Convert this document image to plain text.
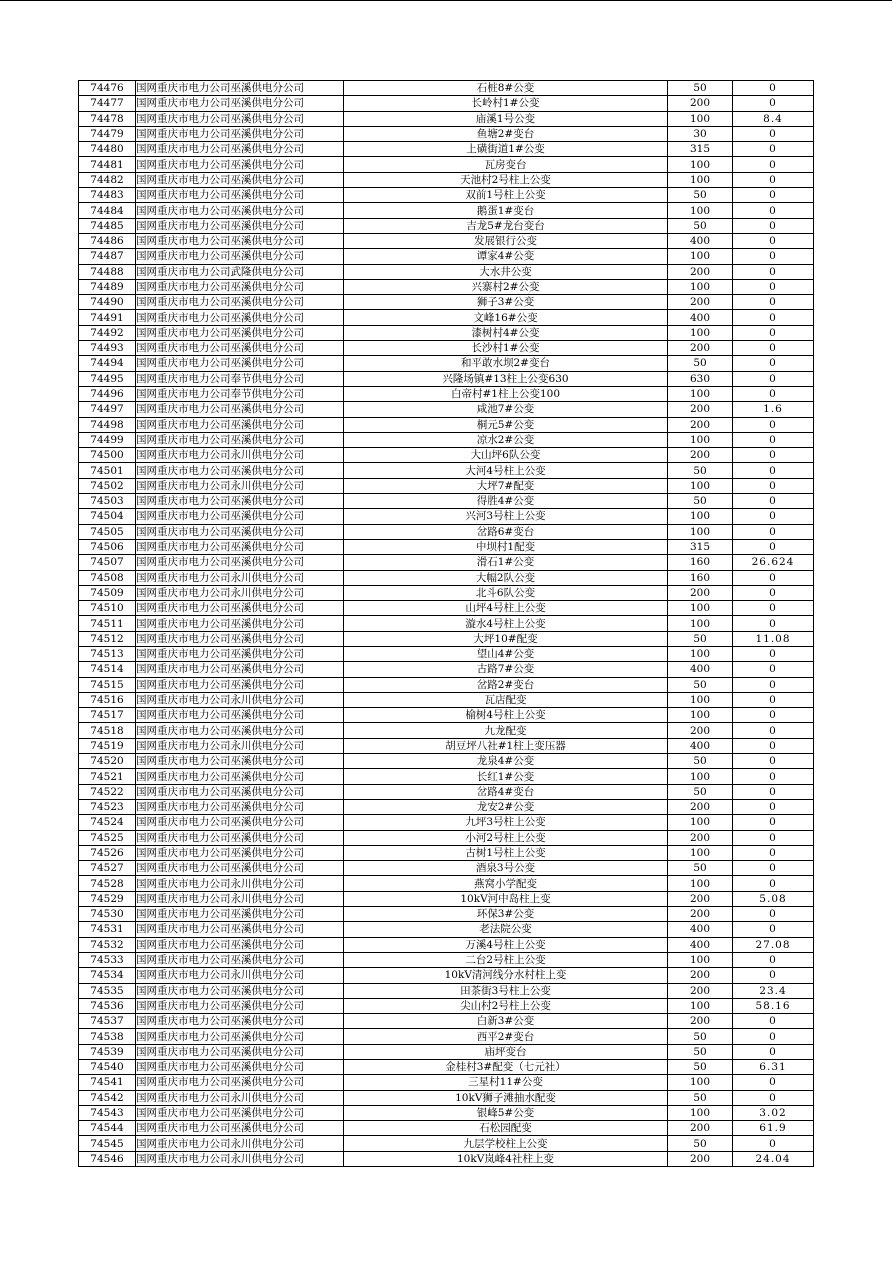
74476	国网重庆市电力公司巫溪供电分公司	石桩8#公变	50	0
74477	国网重庆市电力公司巫溪供电分公司	长岭村1#公变	200	0
74478	国网重庆市电力公司巫溪供电分公司	庙溪1号公变	100	8.4
74479	国网重庆市电力公司巫溪供电分公司	鱼塘2#变台	30	0
74480	国网重庆市电力公司巫溪供电分公司	上磺街道1#公变	315	0
74481	国网重庆市电力公司巫溪供电分公司	瓦房变台	100	0
74482	国网重庆市电力公司巫溪供电分公司	天池村2号柱上公变	100	0
74483	国网重庆市电力公司巫溪供电分公司	双前1号柱上公变	50	0
74484	国网重庆市电力公司巫溪供电分公司	鹅蛋1#变台	100	0
74485	国网重庆市电力公司巫溪供电分公司	吉龙5#龙台变台	50	0
74486	国网重庆市电力公司巫溪供电分公司	发展银行公变	400	0
74487	国网重庆市电力公司巫溪供电分公司	谭家4#公变	100	0
74488	国网重庆市电力公司武隆供电分公司	大水井公变	200	0
74489	国网重庆市电力公司巫溪供电分公司	兴寨村2#公变	100	0
74490	国网重庆市电力公司巫溪供电分公司	狮子3#公变	200	0
74491	国网重庆市电力公司巫溪供电分公司	文峰16#公变	400	0
74492	国网重庆市电力公司巫溪供电分公司	漆树村4#公变	100	0
74493	国网重庆市电力公司巫溪供电分公司	长沙村1#公变	200	0
74494	国网重庆市电力公司巫溪供电分公司	和平敢水坝2#变台	50	0
74495	国网重庆市电力公司奉节供电分公司	兴隆场镇#13柱上公变630	630	0
74496	国网重庆市电力公司奉节供电分公司	白帝村#1柱上公变100	100	0
74497	国网重庆市电力公司巫溪供电分公司	咸池7#公变	200	1.6
74498	国网重庆市电力公司巫溪供电分公司	桐元5#公变	200	0
74499	国网重庆市电力公司巫溪供电分公司	凉水2#公变	100	0
74500	国网重庆市电力公司永川供电分公司	大山坪6队公变	200	0
74501	国网重庆市电力公司巫溪供电分公司	大河4号柱上公变	50	0
74502	国网重庆市电力公司永川供电分公司	大坪7#配变	100	0
74503	国网重庆市电力公司巫溪供电分公司	得胜4#公变	50	0
74504	国网重庆市电力公司巫溪供电分公司	兴河3号柱上公变	100	0
74505	国网重庆市电力公司巫溪供电分公司	岔路6#变台	100	0
74506	国网重庆市电力公司巫溪供电分公司	中坝村1配变	315	0
74507	国网重庆市电力公司巫溪供电分公司	滑石1#公变	160	26.624
74508	国网重庆市电力公司永川供电分公司	大幅2队公变	160	0
74509	国网重庆市电力公司永川供电分公司	北斗6队公变	200	0
74510	国网重庆市电力公司巫溪供电分公司	山坪4号柱上公变	100	0
74511	国网重庆市电力公司巫溪供电分公司	漩水4号柱上公变	100	0
74512	国网重庆市电力公司巫溪供电分公司	大坪10#配变	50	11.08
74513	国网重庆市电力公司巫溪供电分公司	望山4#公变	100	0
74514	国网重庆市电力公司巫溪供电分公司	古路7#公变	400	0
74515	国网重庆市电力公司巫溪供电分公司	岔路2#变台	50	0
74516	国网重庆市电力公司永川供电分公司	瓦店配变	100	0
74517	国网重庆市电力公司巫溪供电分公司	榆树4号柱上公变	100	0
74518	国网重庆市电力公司巫溪供电分公司	九龙配变	200	0
74519	国网重庆市电力公司永川供电分公司	胡豆坪八社#1柱上变压器	400	0
74520	国网重庆市电力公司巫溪供电分公司	龙泉4#公变	50	0
74521	国网重庆市电力公司巫溪供电分公司	长红1#公变	100	0
74522	国网重庆市电力公司巫溪供电分公司	岔路4#变台	50	0
74523	国网重庆市电力公司巫溪供电分公司	龙安2#公变	200	0
74524	国网重庆市电力公司巫溪供电分公司	九坪3号柱上公变	100	0
74525	国网重庆市电力公司巫溪供电分公司	小河2号柱上公变	200	0
74526	国网重庆市电力公司巫溪供电分公司	古树1号柱上公变	100	0
74527	国网重庆市电力公司巫溪供电分公司	酒泉3号公变	50	0
74528	国网重庆市电力公司永川供电分公司	燕窝小学配变	100	0
74529	国网重庆市电力公司永川供电分公司	10kV河中岛柱上变	200	5.08
74530	国网重庆市电力公司巫溪供电分公司	环保3#公变	200	0
74531	国网重庆市电力公司巫溪供电分公司	老法院公变	400	0
74532	国网重庆市电力公司巫溪供电分公司	万溪4号柱上公变	400	27.08
74533	国网重庆市电力公司巫溪供电分公司	二台2号柱上公变	100	0
74534	国网重庆市电力公司永川供电分公司	10kV清河线分水村柱上变	200	0
74535	国网重庆市电力公司巫溪供电分公司	田茶街3号柱上公变	200	23.4
74536	国网重庆市电力公司巫溪供电分公司	尖山村2号柱上公变	100	58.16
74537	国网重庆市电力公司巫溪供电分公司	白新3#公变	200	0
74538	国网重庆市电力公司巫溪供电分公司	西平2#变台	50	0
74539	国网重庆市电力公司巫溪供电分公司	庙坪变台	50	0
74540	国网重庆市电力公司巫溪供电分公司	金桂村3#配变（七元社）	50	6.31
74541	国网重庆市电力公司巫溪供电分公司	三星村11#公变	100	0
74542	国网重庆市电力公司永川供电分公司	10kV狮子滩抽水配变	50	0
74543	国网重庆市电力公司巫溪供电分公司	银峰5#公变	100	3.02
74544	国网重庆市电力公司巫溪供电分公司	石松园配变	200	61.9
74545	国网重庆市电力公司永川供电分公司	九层学校柱上公变	50	0
74546	国网重庆市电力公司永川供电分公司	10kV岚峰4社柱上变	200	24.04
